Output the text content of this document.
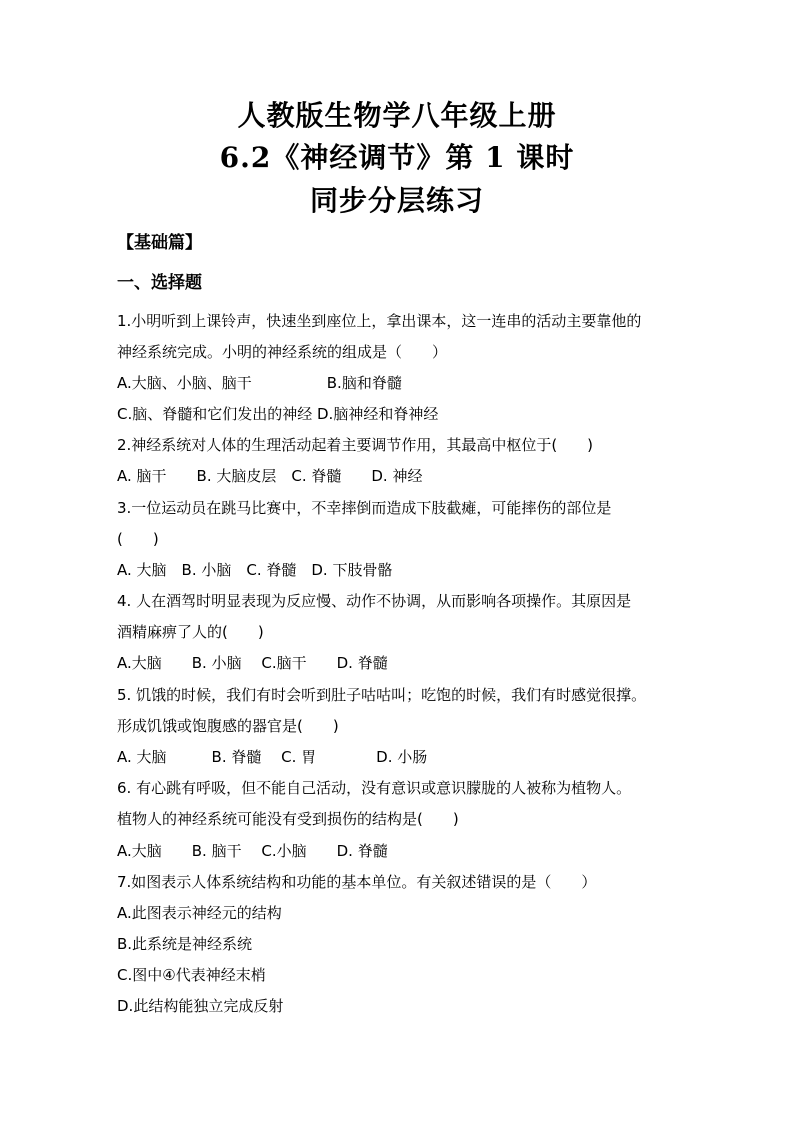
人教版生物学八年级上册
6.2《神经调节》第 1 课时
同步分层练习
【基础篇】
一、选择题
1.小明听到上课铃声，快速坐到座位上，拿出课本，这一连串的活动主要靠他的
神经系统完成。小明的神经系统的组成是（　　）
A.大脑、小脑、脑干　　　　　B.脑和脊髓
C.脑、脊髓和它们发出的神经 D.脑神经和脊神经
2.神经系统对人体的生理活动起着主要调节作用，其最高中枢位于(　　)
A. 脑干　　B. 大脑皮层　C. 脊髓　　D. 神经
3.一位运动员在跳马比赛中，不幸摔倒而造成下肢截瘫，可能摔伤的部位是
(　　)
A. 大脑　B. 小脑　C. 脊髓　D. 下肢骨骼
4. 人在酒驾时明显表现为反应慢、动作不协调，从而影响各项操作。其原因是
酒精麻痹了人的(　　)
A.大脑　　B. 小脑　 C.脑干　　D. 脊髓
5. 饥饿的时候，我们有时会听到肚子咕咕叫；吃饱的时候，我们有时感觉很撑。
形成饥饿或饱腹感的器官是(　　)
A. 大脑　　　B. 脊髓　 C. 胃　　　　D. 小肠
6. 有心跳有呼吸，但不能自己活动，没有意识或意识朦胧的人被称为植物人。
植物人的神经系统可能没有受到损伤的结构是(　　)
A.大脑　　B. 脑干　 C.小脑　　D. 脊髓
7.如图表示人体系统结构和功能的基本单位。有关叙述错误的是（　　）
A.此图表示神经元的结构
B.此系统是神经系统
C.图中④代表神经末梢
D.此结构能独立完成反射
